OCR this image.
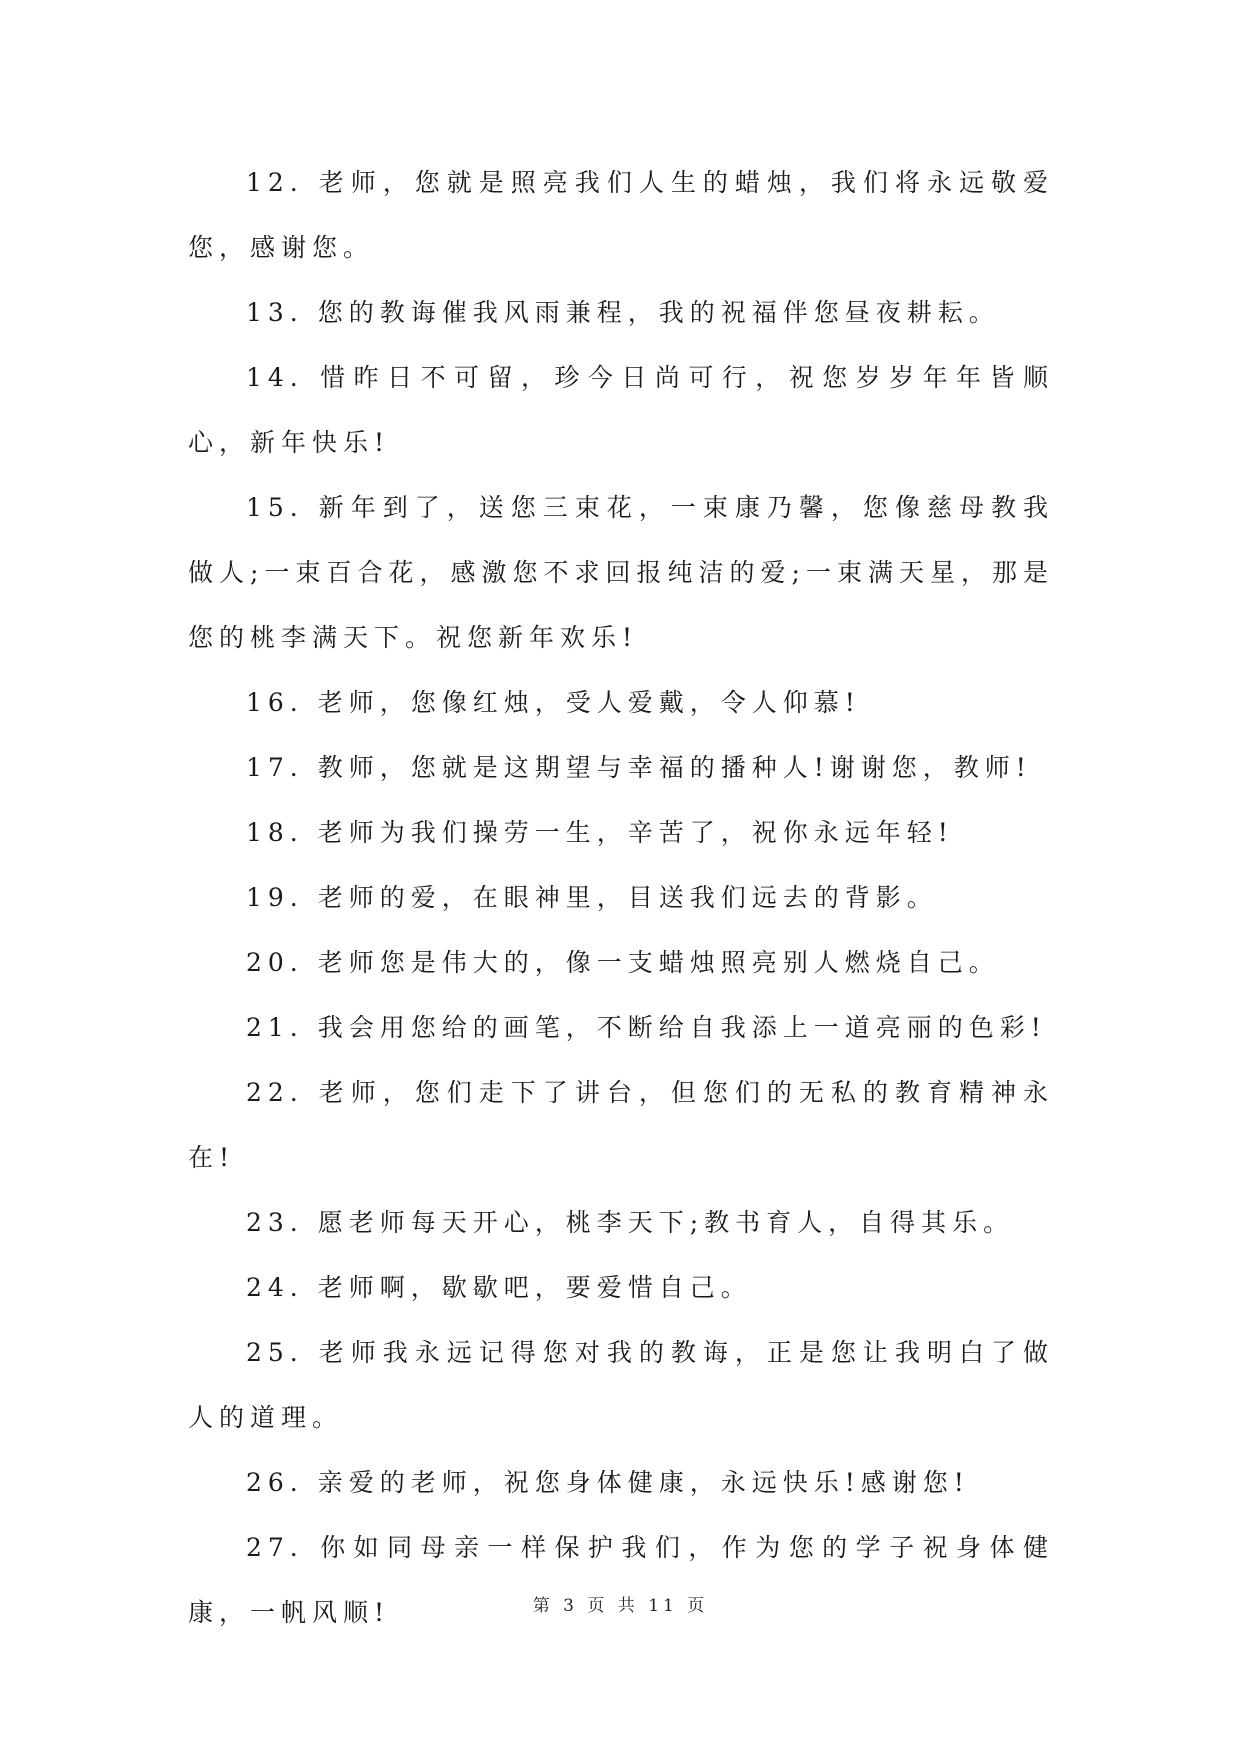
12. 老师，您就是照亮我们人生的蜡烛，我们将永远敬爱您，感谢您。

13. 您的教诲催我风雨兼程，我的祝福伴您昼夜耕耘。

14. 惜昨日不可留，珍今日尚可行，祝您岁岁年年皆顺心，新年快乐!

15. 新年到了，送您三束花，一束康乃馨，您像慈母教我做人;一束百合花，感激您不求回报纯洁的爱;一束满天星，那是您的桃李满天下。祝您新年欢乐!

16. 老师，您像红烛，受人爱戴，令人仰慕!

17. 教师，您就是这期望与幸福的播种人!谢谢您，教师!

18. 老师为我们操劳一生，辛苦了，祝你永远年轻!

19. 老师的爱，在眼神里，目送我们远去的背影。

20. 老师您是伟大的，像一支蜡烛照亮别人燃烧自己。

21. 我会用您给的画笔，不断给自我添上一道亮丽的色彩!

22. 老师，您们走下了讲台，但您们的无私的教育精神永在!

23. 愿老师每天开心，桃李天下;教书育人，自得其乐。

24. 老师啊，歇歇吧，要爱惜自己。

25. 老师我永远记得您对我的教诲，正是您让我明白了做人的道理。

26. 亲爱的老师，祝您身体健康，永远快乐!感谢您!

27. 你如同母亲一样保护我们，作为您的学子祝身体健康，一帆风顺!	第 3 页 共 11 页
